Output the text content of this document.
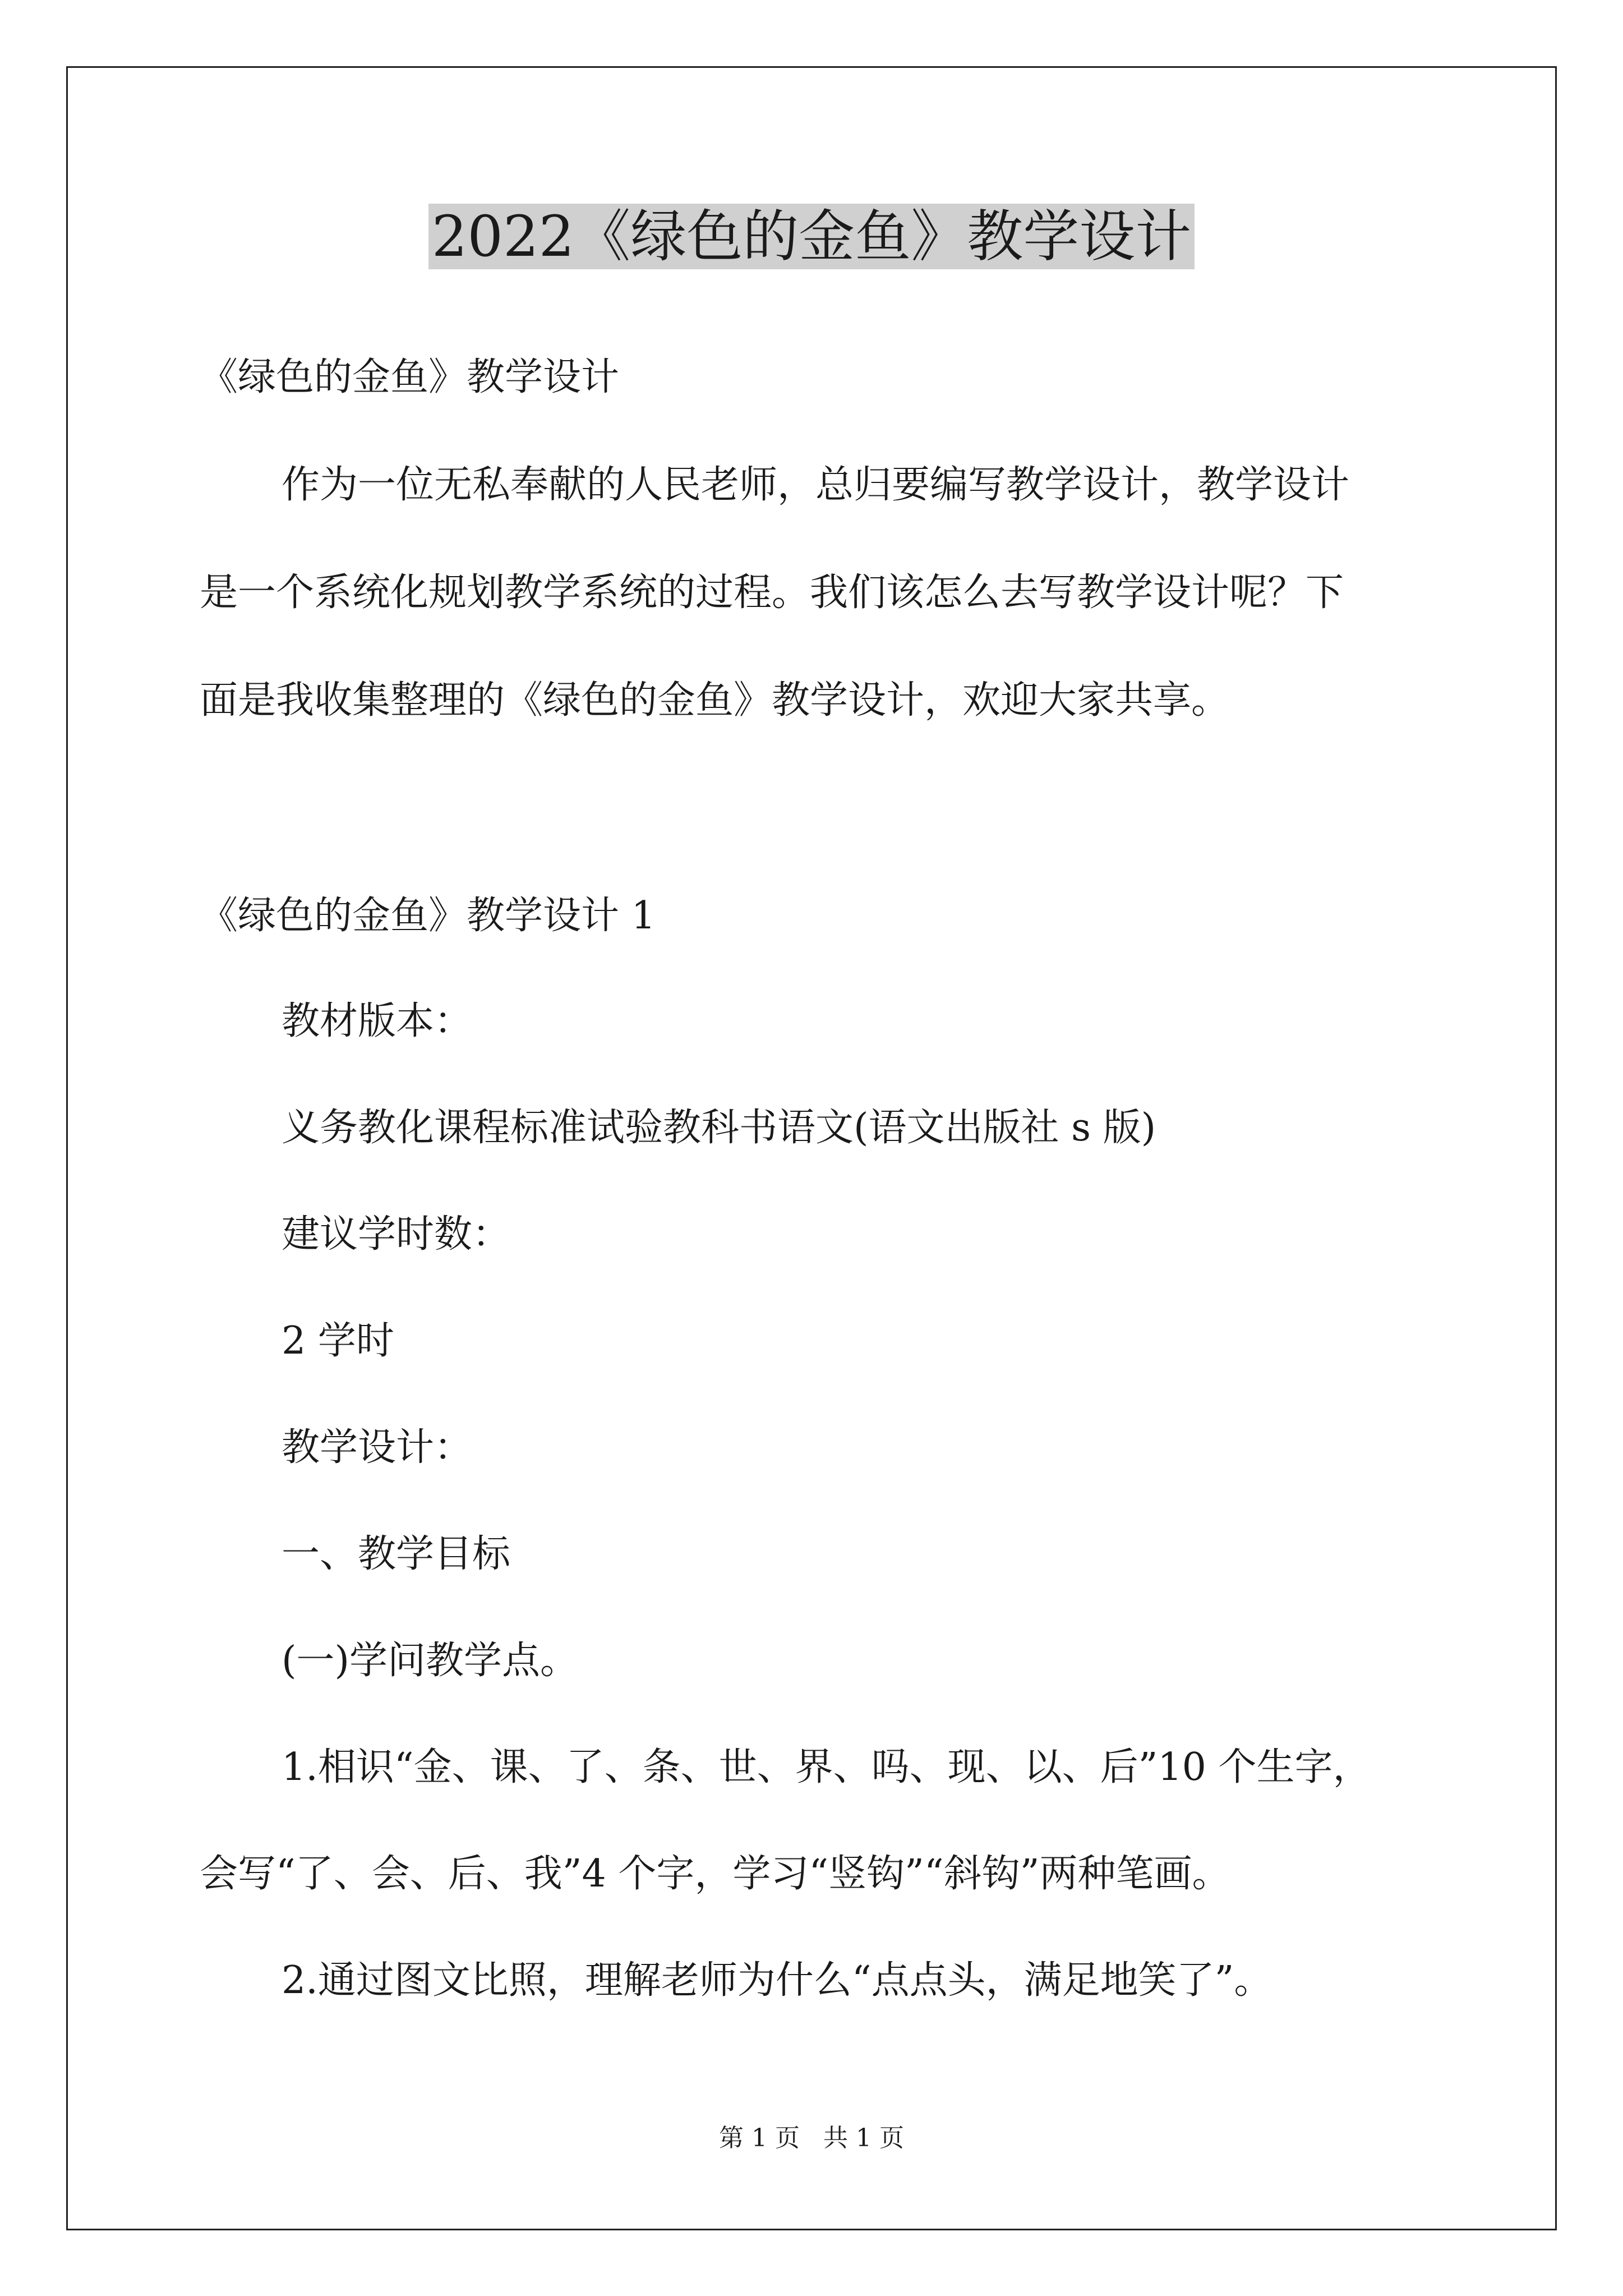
2022《绿色的金鱼》教学设计
《绿色的金鱼》教学设计
作为一位无私奉献的人民老师，总归要编写教学设计，教学设计
是一个系统化规划教学系统的过程。我们该怎么去写教学设计呢？下
面是我收集整理的《绿色的金鱼》教学设计，欢迎大家共享。
《绿色的金鱼》教学设计 1
教材版本：
义务教化课程标准试验教科书语文(语文出版社 s 版)
建议学时数：
2 学时
教学设计：
一、教学目标
(一)学问教学点。
1.相识“金、课、了、条、世、界、吗、现、以、后”10 个生字，
会写“了、会、后、我”4 个字，学习“竖钩”“斜钩”两种笔画。
2.通过图文比照，理解老师为什么“点点头，满足地笑了”。
第 1 页   共 1 页
